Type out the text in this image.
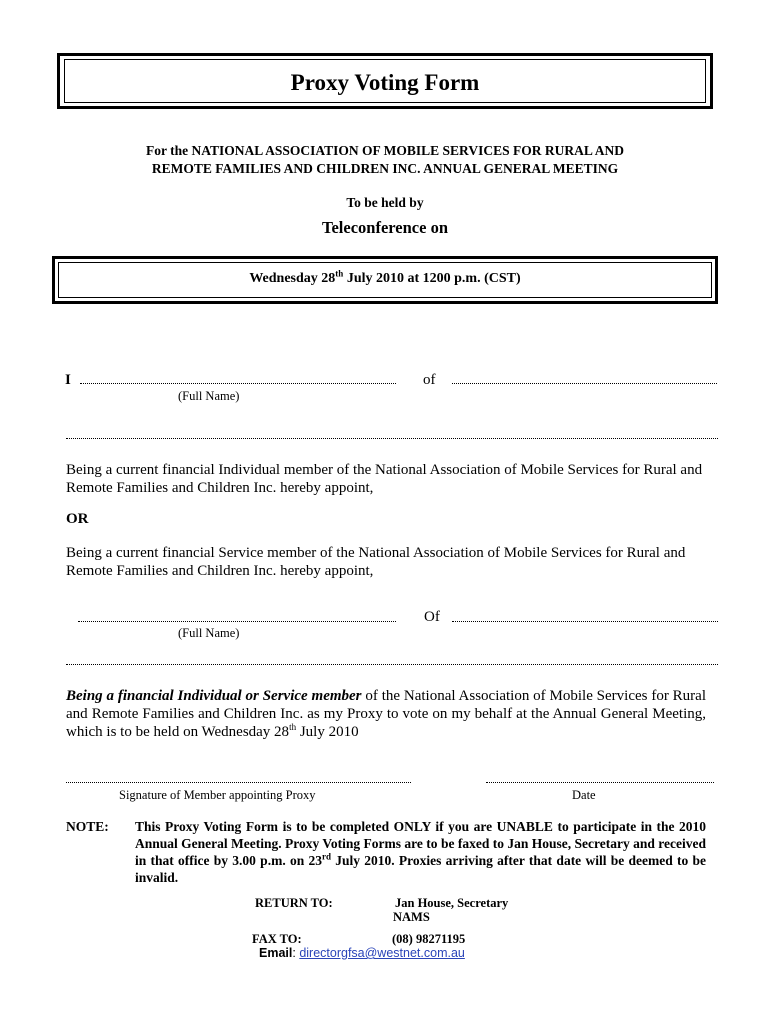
Proxy Voting Form
For the NATIONAL ASSOCIATION OF MOBILE SERVICES FOR RURAL AND
REMOTE FAMILIES AND CHILDREN INC. ANNUAL GENERAL MEETING
To be held by
Teleconference on
Wednesday 28th July 2010 at 1200 p.m. (CST)
I	of
(Full Name)
Being a current financial Individual member of the National Association of Mobile Services for Rural and Remote Families and Children Inc. hereby appoint,
OR
Being a current financial Service member of the National Association of Mobile Services for Rural and Remote Families and Children Inc. hereby appoint,
Of
(Full Name)
Being a financial Individual or Service member of the National Association of Mobile Services for Rural and Remote Families and Children Inc. as my Proxy to vote on my behalf at the Annual General Meeting, which is to be held on Wednesday 28th July 2010
Signature of Member appointing Proxy	Date
NOTE: This Proxy Voting Form is to be completed ONLY if you are UNABLE to participate in the 2010 Annual General Meeting. Proxy Voting Forms are to be faxed to Jan House, Secretary and received in that office by 3.00 p.m. on 23rd July 2010. Proxies arriving after that date will be deemed to be invalid.
RETURN TO:	Jan House, Secretary
NAMS
FAX TO:	(08) 98271195
Email: directorgfsa@westnet.com.au
